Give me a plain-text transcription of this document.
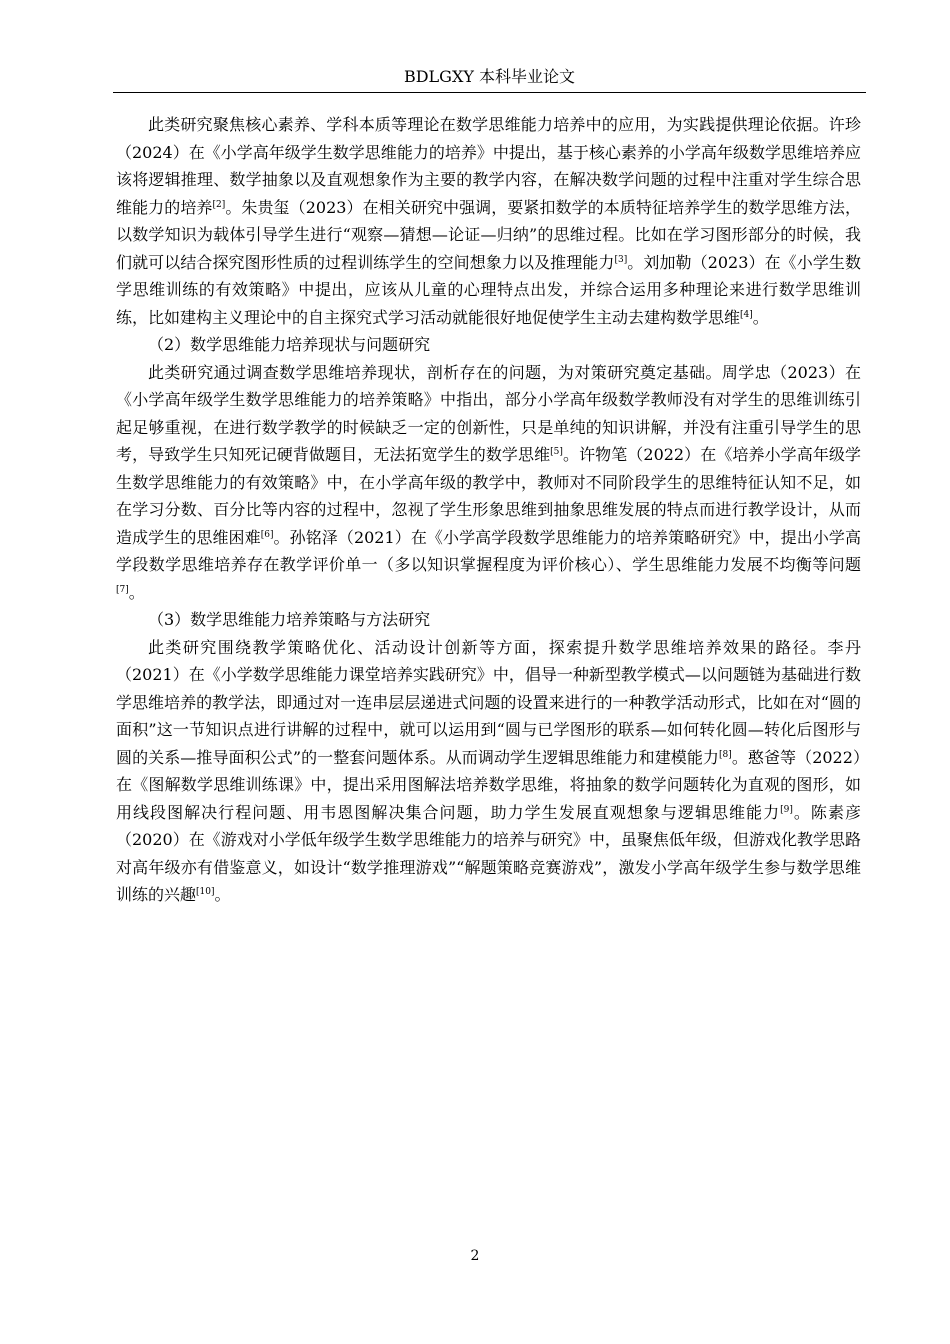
BDLGXY 本科毕业论文

此类研究聚焦核心素养、学科本质等理论在数学思维能力培养中的应用，为实践提供理论依据。许珍（2024）在《小学高年级学生数学思维能力的培养》中提出，基于核心素养的小学高年级数学思维培养应该将逻辑推理、数学抽象以及直观想象作为主要的教学内容，在解决数学问题的过程中注重对学生综合思维能力的培养[2]。朱贵玺（2023）在相关研究中强调，要紧扣数学的本质特征培养学生的数学思维方法，以数学知识为载体引导学生进行“观察—猜想—论证—归纳”的思维过程。比如在学习图形部分的时候，我们就可以结合探究图形性质的过程训练学生的空间想象力以及推理能力[3]。刘加勒（2023）在《小学生数学思维训练的有效策略》中提出，应该从儿童的心理特点出发，并综合运用多种理论来进行数学思维训练，比如建构主义理论中的自主探究式学习活动就能很好地促使学生主动去建构数学思维[4]。

（2）数学思维能力培养现状与问题研究

此类研究通过调查数学思维培养现状，剖析存在的问题，为对策研究奠定基础。周学忠（2023）在《小学高年级学生数学思维能力的培养策略》中指出，部分小学高年级数学教师没有对学生的思维训练引起足够重视，在进行数学教学的时候缺乏一定的创新性，只是单纯的知识讲解，并没有注重引导学生的思考，导致学生只知死记硬背做题目，无法拓宽学生的数学思维[5]。许物笔（2022）在《培养小学高年级学生数学思维能力的有效策略》中，在小学高年级的教学中，教师对不同阶段学生的思维特征认知不足，如在学习分数、百分比等内容的过程中，忽视了学生形象思维到抽象思维发展的特点而进行教学设计，从而造成学生的思维困难[6]。孙铭泽（2021）在《小学高学段数学思维能力的培养策略研究》中，提出小学高学段数学思维培养存在教学评价单一（多以知识掌握程度为评价核心）、学生思维能力发展不均衡等问题[7]。

（3）数学思维能力培养策略与方法研究

此类研究围绕教学策略优化、活动设计创新等方面，探索提升数学思维培养效果的路径。李丹（2021）在《小学数学思维能力课堂培养实践研究》中，倡导一种新型教学模式—以问题链为基础进行数学思维培养的教学法，即通过对一连串层层递进式问题的设置来进行的一种教学活动形式，比如在对“圆的面积”这一节知识点进行讲解的过程中，就可以运用到“圆与已学图形的联系—如何转化圆—转化后图形与圆的关系—推导面积公式”的一整套问题体系。从而调动学生逻辑思维能力和建模能力[8]。憨爸等（2022）在《图解数学思维训练课》中，提出采用图解法培养数学思维，将抽象的数学问题转化为直观的图形，如用线段图解决行程问题、用韦恩图解决集合问题，助力学生发展直观想象与逻辑思维能力[9]。陈素彦（2020）在《游戏对小学低年级学生数学思维能力的培养与研究》中，虽聚焦低年级，但游戏化教学思路对高年级亦有借鉴意义，如设计“数学推理游戏”“解题策略竞赛游戏”，激发小学高年级学生参与数学思维训练的兴趣[10]。

2
